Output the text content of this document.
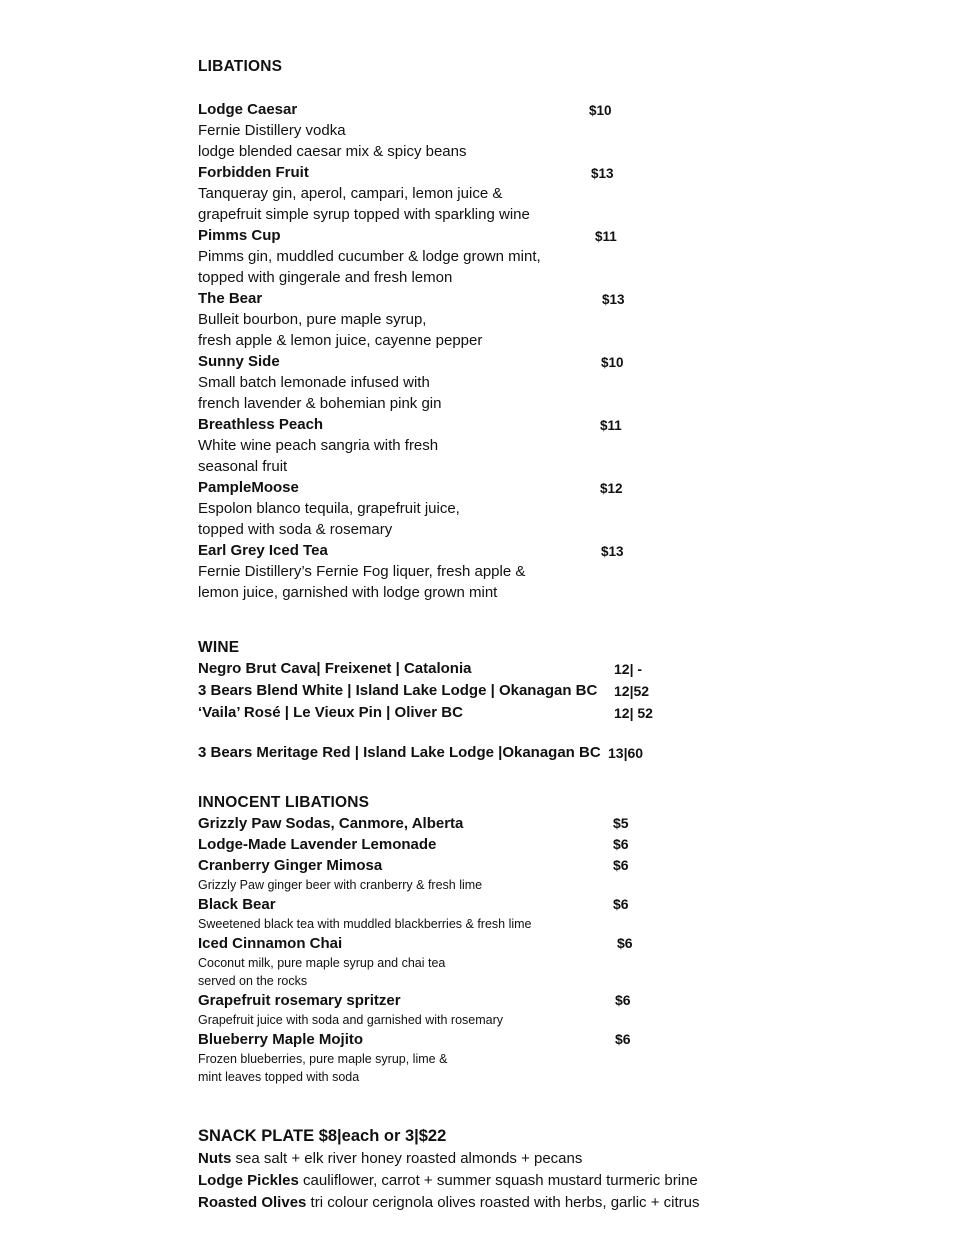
LIBATIONS
Lodge Caesar	$10
Fernie Distillery vodka
lodge blended caesar mix & spicy beans
Forbidden Fruit	$13
Tanqueray gin, aperol, campari, lemon juice &
grapefruit simple syrup topped with sparkling wine
Pimms Cup	$11
Pimms gin, muddled cucumber & lodge grown mint,
topped with gingerale and fresh lemon
The Bear	$13
Bulleit bourbon, pure maple syrup,
fresh apple & lemon juice, cayenne pepper
Sunny Side	$10
Small batch lemonade infused with
french lavender & bohemian pink gin
Breathless Peach	$11
White wine peach sangria with fresh
seasonal fruit
PampleMoose	$12
Espolon blanco tequila, grapefruit juice,
topped with soda & rosemary
Earl Grey Iced Tea	$13
Fernie Distillery’s Fernie Fog liquer, fresh apple &
lemon juice, garnished with lodge grown mint
WINE
Negro Brut Cava| Freixenet | Catalonia	12| -
3 Bears Blend White | Island Lake Lodge | Okanagan BC 12|52
‘Vaila’ Rosé | Le Vieux Pin | Oliver BC	12| 52
3 Bears Meritage Red | Island Lake Lodge |Okanagan BC 13|60
INNOCENT LIBATIONS
Grizzly Paw Sodas, Canmore, Alberta	$5
Lodge-Made Lavender Lemonade	$6
Cranberry Ginger Mimosa	$6
Grizzly Paw ginger beer with cranberry & fresh lime
Black Bear	$6
Sweetened black tea with muddled blackberries & fresh lime
Iced Cinnamon Chai	$6
Coconut milk, pure maple syrup and chai tea
served on the rocks
Grapefruit rosemary spritzer	$6
Grapefruit juice with soda and garnished with rosemary
Blueberry Maple Mojito	$6
Frozen blueberries, pure maple syrup, lime &
mint leaves topped with soda
SNACK PLATE $8|each or 3|$22
Nuts sea salt + elk river honey roasted almonds + pecans
Lodge Pickles cauliflower, carrot + summer squash mustard turmeric brine
Roasted Olives tri colour cerignola olives roasted with herbs, garlic + citrus
